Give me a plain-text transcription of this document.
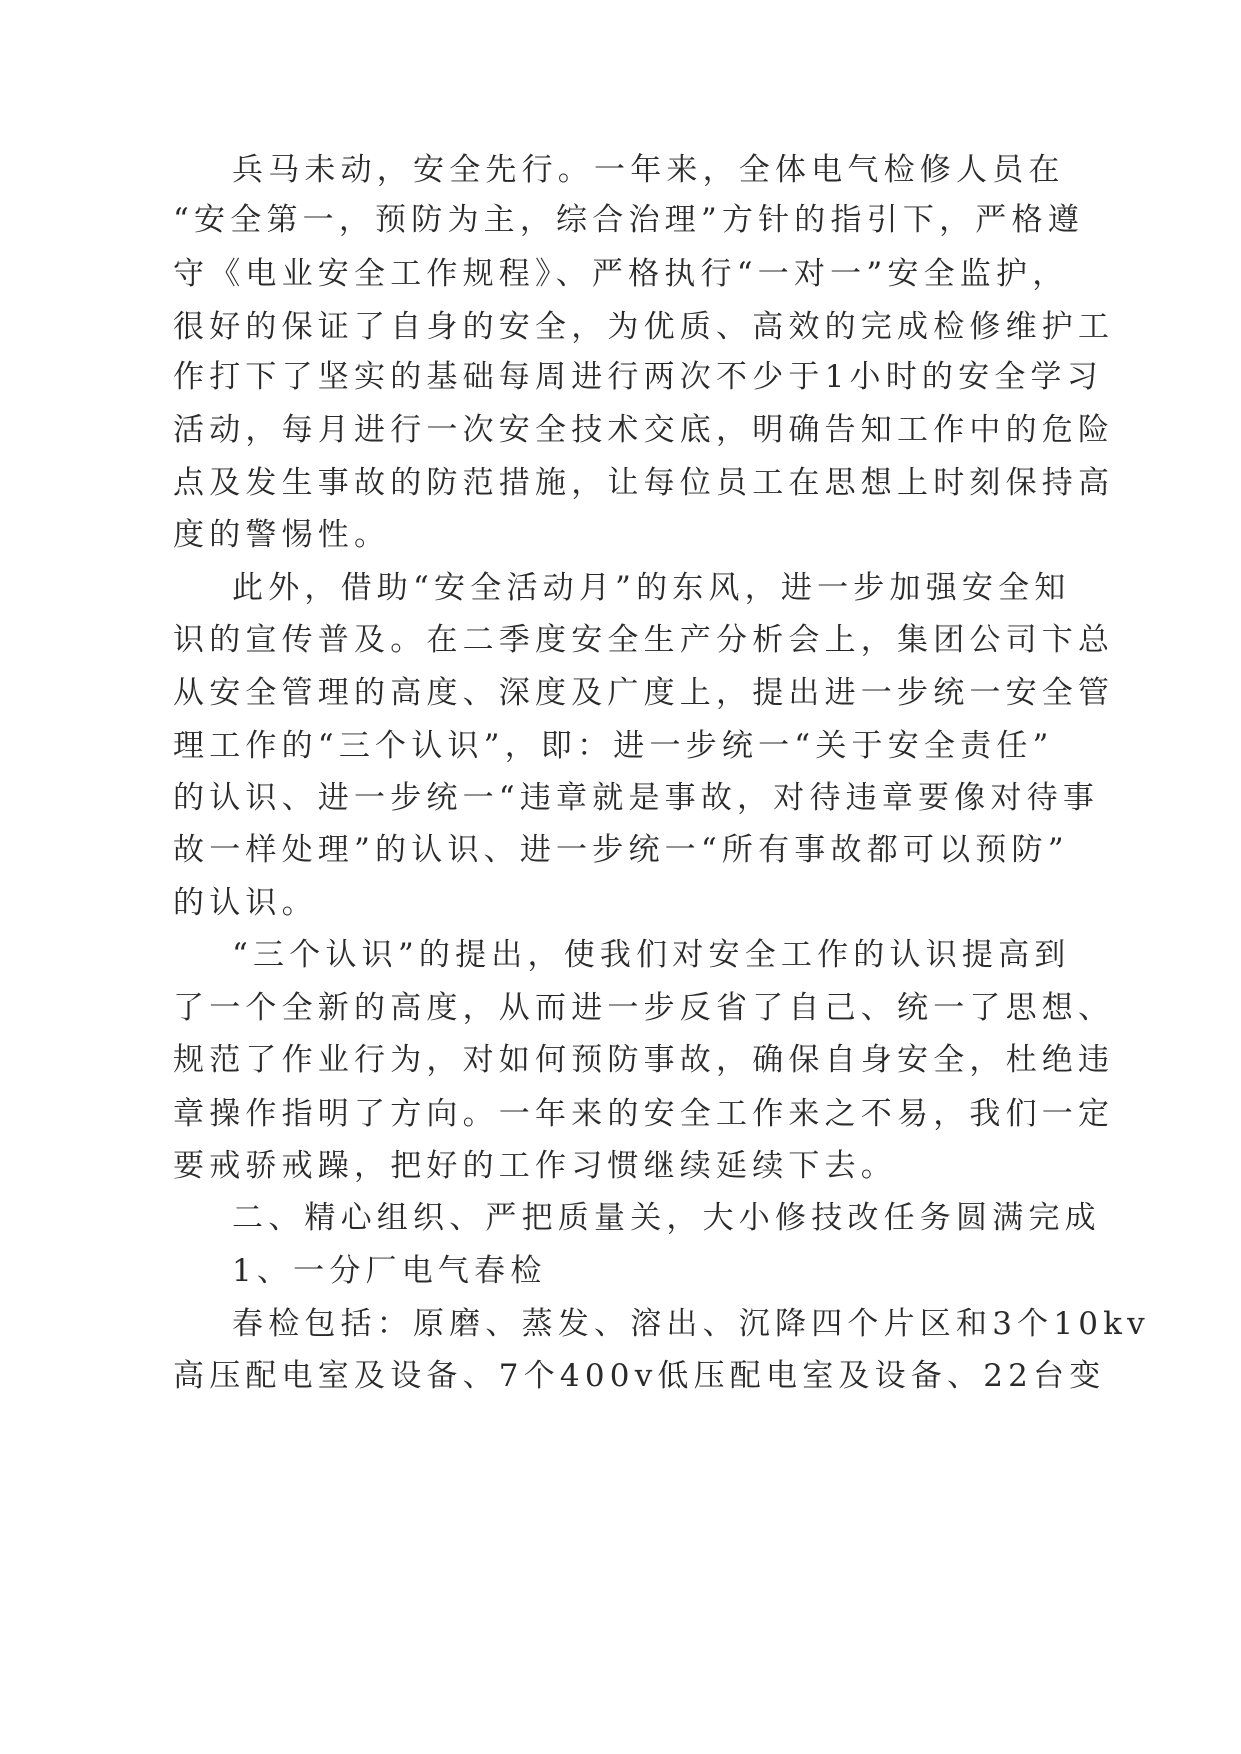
兵马未动，安全先行。一年来，全体电气检修人员在
“安全第一，预防为主，综合治理”方针的指引下，严格遵
守《电业安全工作规程》、严格执行“一对一”安全监护，
很好的保证了自身的安全，为优质、高效的完成检修维护工
作打下了坚实的基础每周进行两次不少于1小时的安全学习
活动，每月进行一次安全技术交底，明确告知工作中的危险
点及发生事故的防范措施，让每位员工在思想上时刻保持高
度的警惕性。
此外，借助“安全活动月”的东风，进一步加强安全知
识的宣传普及。在二季度安全生产分析会上，集团公司卞总
从安全管理的高度、深度及广度上，提出进一步统一安全管
理工作的“三个认识”，即：进一步统一“关于安全责任”
的认识、进一步统一“违章就是事故，对待违章要像对待事
故一样处理”的认识、进一步统一“所有事故都可以预防”
的认识。
“三个认识”的提出，使我们对安全工作的认识提高到
了一个全新的高度，从而进一步反省了自己、统一了思想、
规范了作业行为，对如何预防事故，确保自身安全，杜绝违
章操作指明了方向。一年来的安全工作来之不易，我们一定
要戒骄戒躁，把好的工作习惯继续延续下去。
二、精心组织、严把质量关，大小修技改任务圆满完成
1、一分厂电气春检
春检包括：原磨、蒸发、溶出、沉降四个片区和3个10kv
高压配电室及设备、7个400v低压配电室及设备、22台变
